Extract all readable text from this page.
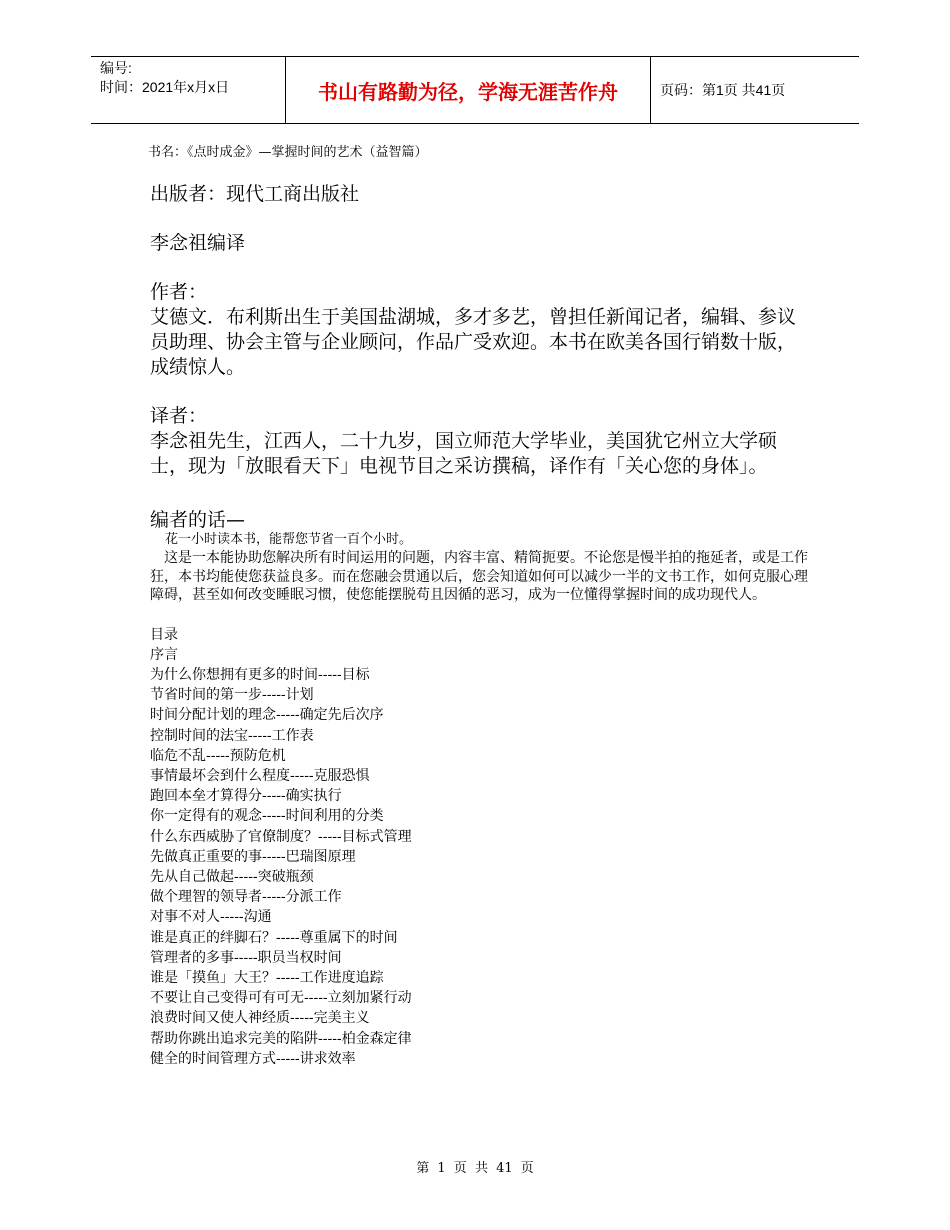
编号:
时间：2021年x月x日	书山有路勤为径，学海无涯苦作舟	页码：第1页 共41页
书名：《点时成金》—掌握时间的艺术（益智篇）
出版者：现代工商出版社
李念祖编译
作者：
艾德文．布利斯出生于美国盐湖城，多才多艺，曾担任新闻记者，编辑、参议员助理、协会主管与企业顾问，作品广受欢迎。本书在欧美各国行销数十版，成绩惊人。
译者：
李念祖先生，江西人，二十九岁，国立师范大学毕业，美国犹它州立大学硕士，现为「放眼看天下」电视节目之采访撰稿，译作有「关心您的身体」。
编者的话—
花一小时读本书，能帮您节省一百个小时。
这是一本能协助您解决所有时间运用的问题，内容丰富、精简扼要。不论您是慢半拍的拖延者，或是工作狂，本书均能使您获益良多。而在您融会贯通以后，您会知道如何可以减少一半的文书工作，如何克服心理障碍，甚至如何改变睡眠习惯，使您能摆脱苟且因循的恶习，成为一位懂得掌握时间的成功现代人。
目录
序言
为什么你想拥有更多的时间-----目标
节省时间的第一步-----计划
时间分配计划的理念-----确定先后次序
控制时间的法宝-----工作表
临危不乱-----预防危机
事情最坏会到什么程度-----克服恐惧
跑回本垒才算得分-----确实执行
你一定得有的观念-----时间利用的分类
什么东西威胁了官僚制度？-----目标式管理
先做真正重要的事-----巴瑞图原理
先从自己做起-----突破瓶颈
做个理智的领导者-----分派工作
对事不对人-----沟通
谁是真正的绊脚石？-----尊重属下的时间
管理者的多事-----职员当权时间
谁是「摸鱼」大王？-----工作进度追踪
不要让自己变得可有可无-----立刻加紧行动
浪费时间又使人神经质-----完美主义
帮助你跳出追求完美的陷阱-----柏金森定律
健全的时间管理方式-----讲求效率
第 1 页 共 41 页
